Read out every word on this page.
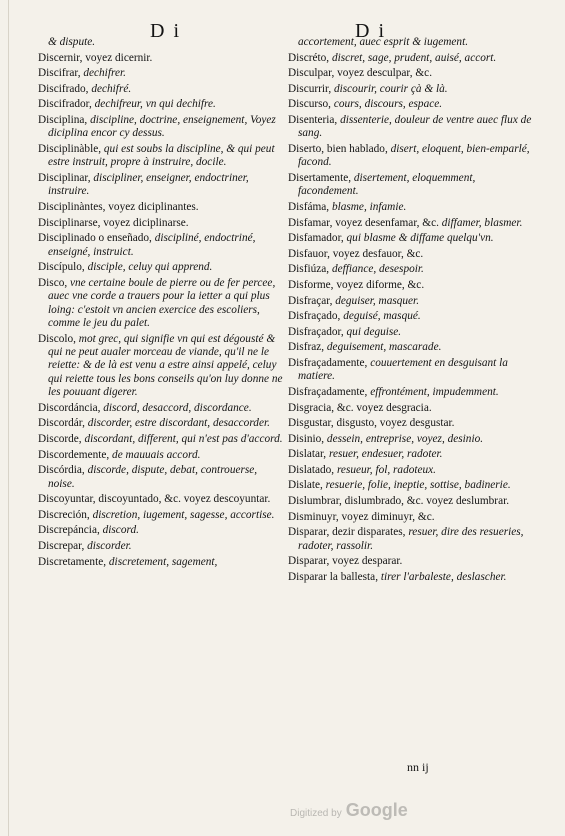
D i	D i
& dispute.
Discernir, voyez dicernir.
Discifrar, dechifrer.
Discifrado, dechifré.
Discifrador, dechifreur, vn qui dechifre.
Disciplina, discipline, doctrine, enseignement, Voyez diciplina encor cy dessus.
Disciplinàble, qui est soubs la discipline, & qui peut estre instruit, propre à instruire, docile.
Disciplinar, discipliner, enseigner, endoctriner, instruire.
Disciplinàntes, voyez diciplinantes.
Disciplinarse, voyez diciplinarse.
Disciplinado o enseñado, discipliné, endoctriné, enseigné, instruict.
Discípulo, disciple, celuy qui apprend.
Disco, vne certaine boule de pierre ou de fer percee, auec vne corde a trauers pour la ietter a qui plus loing: c'estoit vn ancien exercice des escoliers, comme le jeu du palet.
Discolo, mot grec, qui signifie vn qui est dégousté & qui ne peut aualer morceau de viande, qu'il ne le reiette: & de là est venu a estre ainsi appelé, celuy qui reiette tous les bons conseils qu'on luy donne ne les pouuant digerer.
Discordáncia, discord, desaccord, discordance.
Discordár, discorder, estre discordant, desaccorder.
Discorde, discordant, different, qui n'est pas d'accord.
Discordemente, de mauuais accord.
Discórdia, discorde, dispute, debat, controuerse, noise.
Discoyuntar, discoyuntado, &c. voyez descoyuntar.
Discreción, discretion, iugement, sagesse, accortise.
Discrepáncia, discord.
Discrepar, discorder.
Discretamente, discretement, sagement,
accortement, auec esprit & iugement.
Discréto, discret, sage, prudent, auisé, accort.
Disculpar, voyez desculpar, &c.
Discurrir, discourir, courir çà & là.
Discurso, cours, discours, espace.
Disenteria, dissenterie, douleur de ventre auec flux de sang.
Diserto, bien hablado, disert, eloquent, bien-emparlé, facond.
Disertamente, disertement, eloquemment, facondement.
Disfáma, blasme, infamie.
Disfamar, voyez desenfamar, &c. diffamer, blasmer.
Disfamador, qui blasme & diffame quelqu'vn.
Disfauor, voyez desfauor, &c.
Disfiúza, deffiance, desespoir.
Disforme, voyez diforme, &c.
Disfraçar, deguiser, masquer.
Disfraçado, deguisé, masqué.
Disfraçador, qui deguise.
Disfraz, deguisement, mascarade.
Disfraçadamente, couuertement en desguisant la matiere.
Disfraçadamente, effrontément, impudemment.
Disgracia, &c. voyez desgracia.
Disgustar, disgusto, voyez desgustar.
Disinio, dessein, entreprise, voyez, desinio.
Dislatar, resuer, endesuer, radoter.
Dislatado, resueur, fol, radoteux.
Dislate, resuerie, folie, ineptie, sottise, badinerie.
Dislumbrar, dislumbrado, &c. voyez deslumbrar.
Disminuyr, voyez diminuyr, &c.
Disparar, dezir disparates, resuer, dire des resueries, radoter, rassolir.
Disparar, voyez desparar.
Disparar la ballesta, tirer l'arbaleste, deslascher.
nn ij
Digitized by Google
